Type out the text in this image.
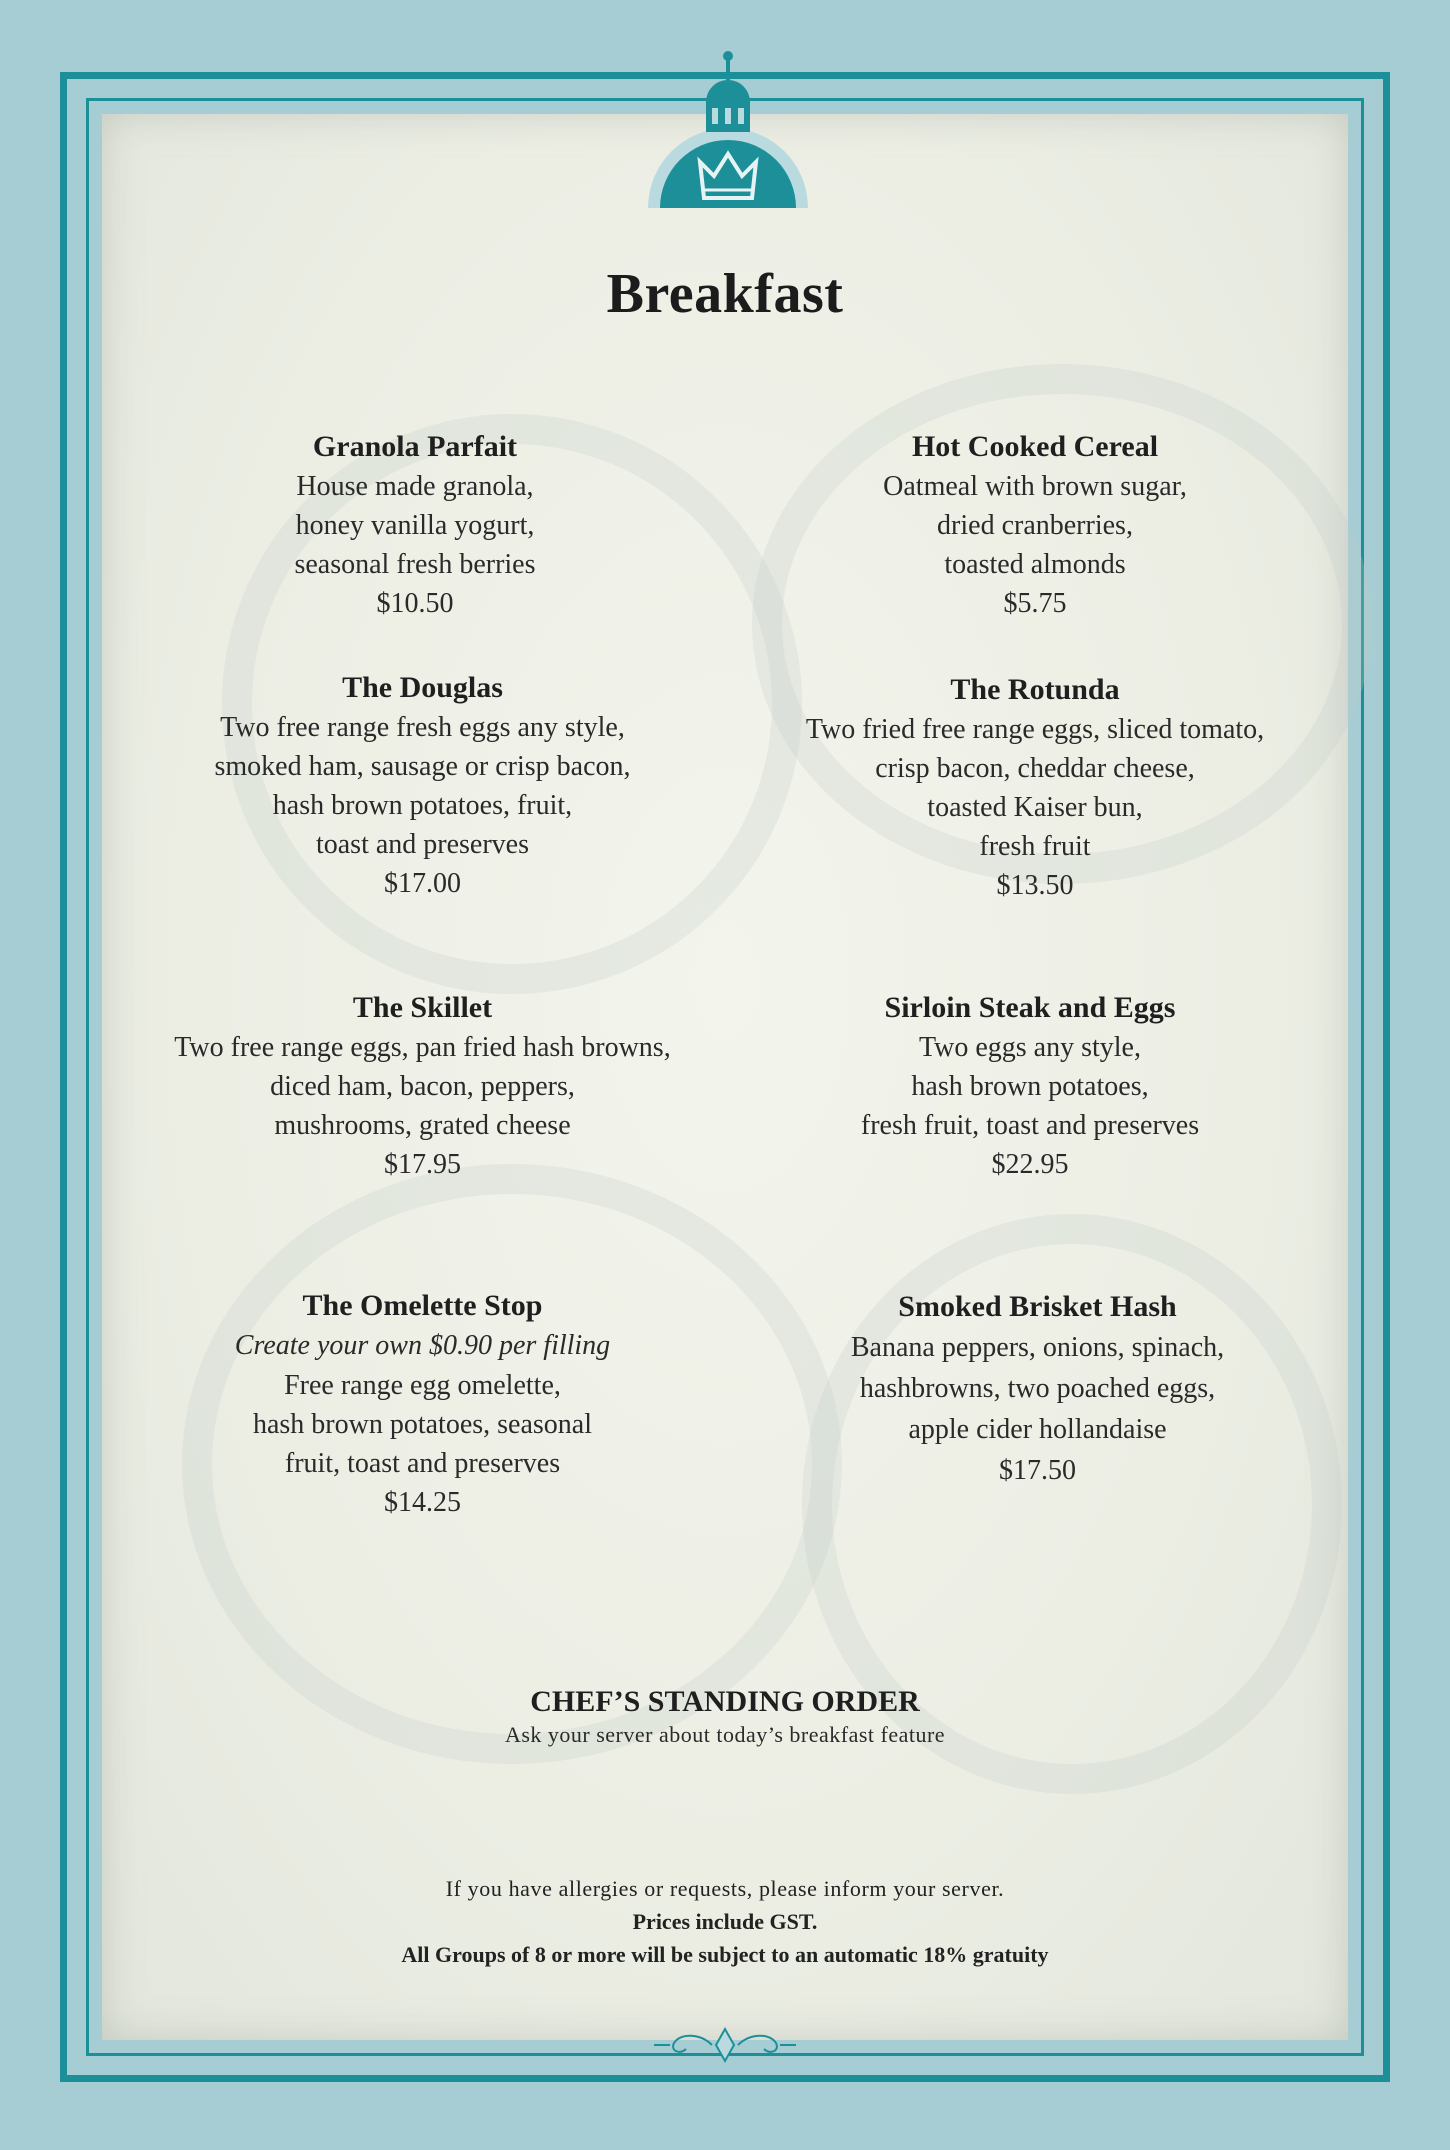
Breakfast
Granola Parfait
House made granola,
honey vanilla yogurt,
seasonal fresh berries
$10.50
Hot Cooked Cereal
Oatmeal with brown sugar,
dried cranberries,
toasted almonds
$5.75
The Douglas
Two free range fresh eggs any style,
smoked ham, sausage or crisp bacon,
hash brown potatoes, fruit,
toast and preserves
$17.00
The Rotunda
Two fried free range eggs, sliced tomato,
crisp bacon, cheddar cheese,
toasted Kaiser bun,
fresh fruit
$13.50
The Skillet
Two free range eggs, pan fried hash browns,
diced ham, bacon, peppers,
mushrooms, grated cheese
$17.95
Sirloin Steak and Eggs
Two eggs any style,
hash brown potatoes,
fresh fruit, toast and preserves
$22.95
The Omelette Stop
Create your own $0.90 per filling
Free range egg omelette,
hash brown potatoes, seasonal
fruit, toast and preserves
$14.25
Smoked Brisket Hash
Banana peppers, onions, spinach,
hashbrowns, two poached eggs,
apple cider hollandaise
$17.50
CHEF’S STANDING ORDER
Ask your server about today’s breakfast feature
If you have allergies or requests, please inform your server.
Prices include GST.
All Groups of 8 or more will be subject to an automatic 18% gratuity
